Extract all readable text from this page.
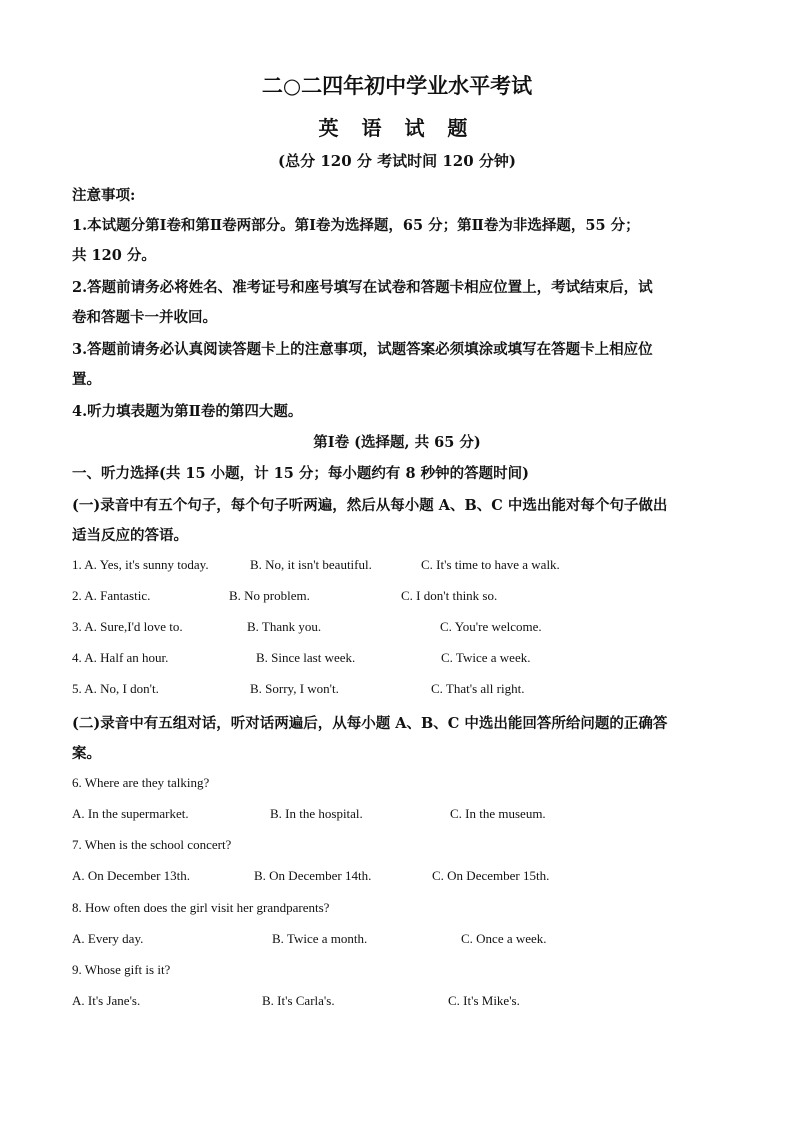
二○二四年初中学业水平考试
英 语 试 题
(总分 120 分 考试时间 120 分钟)
注意事项:
1.本试题分第Ⅰ卷和第Ⅱ卷两部分。第Ⅰ卷为选择题，65 分；第Ⅱ卷为非选择题，55 分；
共 120 分。
2.答题前请务必将姓名、准考证号和座号填写在试卷和答题卡相应位置上，考试结束后，试
卷和答题卡一并收回。
3.答题前请务必认真阅读答题卡上的注意事项，试题答案必须填涂或填写在答题卡上相应位
置。
4.听力填表题为第Ⅱ卷的第四大题。
第Ⅰ卷 (选择题, 共 65 分)
一、听力选择(共 15 小题，计 15 分；每小题约有 8 秒钟的答题时间)
(一)录音中有五个句子，每个句子听两遍，然后从每小题 A、B、C 中选出能对每个句子做出
适当反应的答语。
1. A. Yes, it's sunny today.	B. No, it isn't beautiful.	C. It's time to have a walk.
2. A. Fantastic.	B. No problem.	C. I don't think so.
3. A. Sure,I'd love to.	B. Thank you.	C. You're welcome.
4. A. Half an hour.	B. Since last week.	C. Twice a week.
5. A. No, I don't.	B. Sorry, I won't.	C. That's all right.
(二)录音中有五组对话，听对话两遍后，从每小题 A、B、C 中选出能回答所给问题的正确答
案。
6. Where are they talking?
A. In the supermarket.	B. In the hospital.	C. In the museum.
7. When is the school concert?
A. On December 13th.	B. On December 14th.	C. On December 15th.
8. How often does the girl visit her grandparents?
A. Every day.	B. Twice a month.	C. Once a week.
9. Whose gift is it?
A. It's Jane's.	B. It's Carla's.	C. It's Mike's.
